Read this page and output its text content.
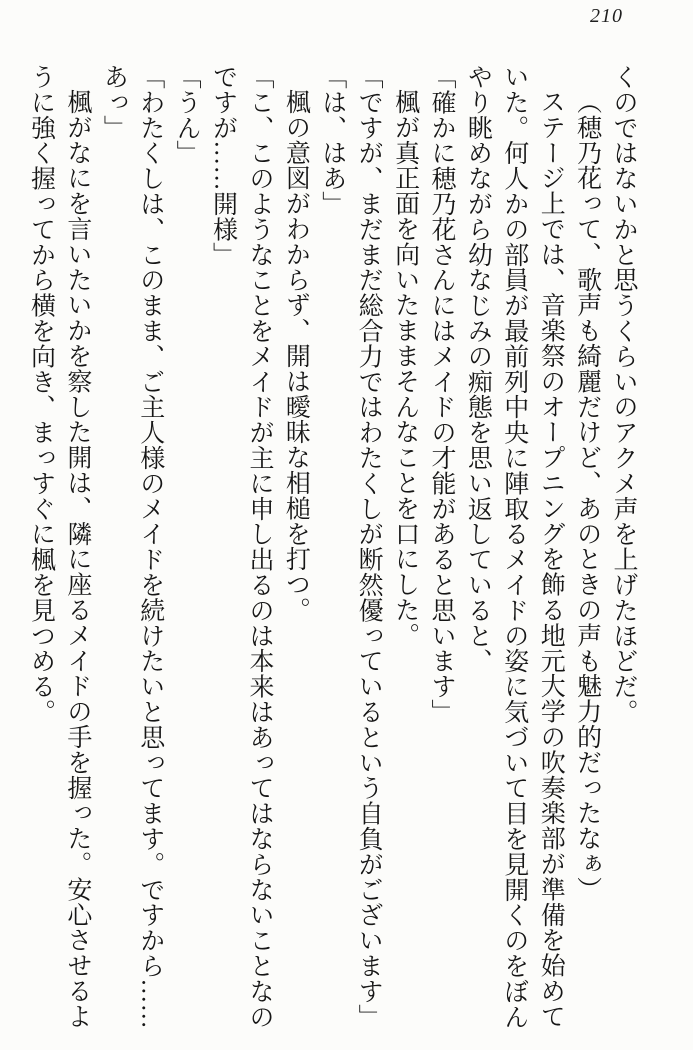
210

くのではないかと思うくらいのアクメ声を上げたほどだ。

（穂乃花って、歌声も綺麗だけど、あのときの声も魅力的だったなぁ）

ステージ上では、音楽祭のオープニングを飾る地元大学の吹奏楽部が準備を始めて

いた。何人かの部員が最前列中央に陣取るメイドの姿に気づいて目を見開くのをぼん

やり眺めながら幼なじみの痴態を思い返していると、

「確かに穂乃花さんにはメイドの才能があると思います」

楓が真正面を向いたままそんなことを口にした。

「ですが、まだまだ総合力ではわたくしが断然優っているという自負がございます」

「は、はあ」

楓の意図がわからず、開は曖昧な相槌を打つ。

「こ、このようなことをメイドが主に申し出るのは本来はあってはならないことなの

ですが……開様」

「うん」

「わたくしは、このまま、ご主人様のメイドを続けたいと思ってます。ですから……

あっ」

楓がなにを言いたいかを察した開は、隣に座るメイドの手を握った。安心させるよ

うに強く握ってから横を向き、まっすぐに楓を見つめる。
